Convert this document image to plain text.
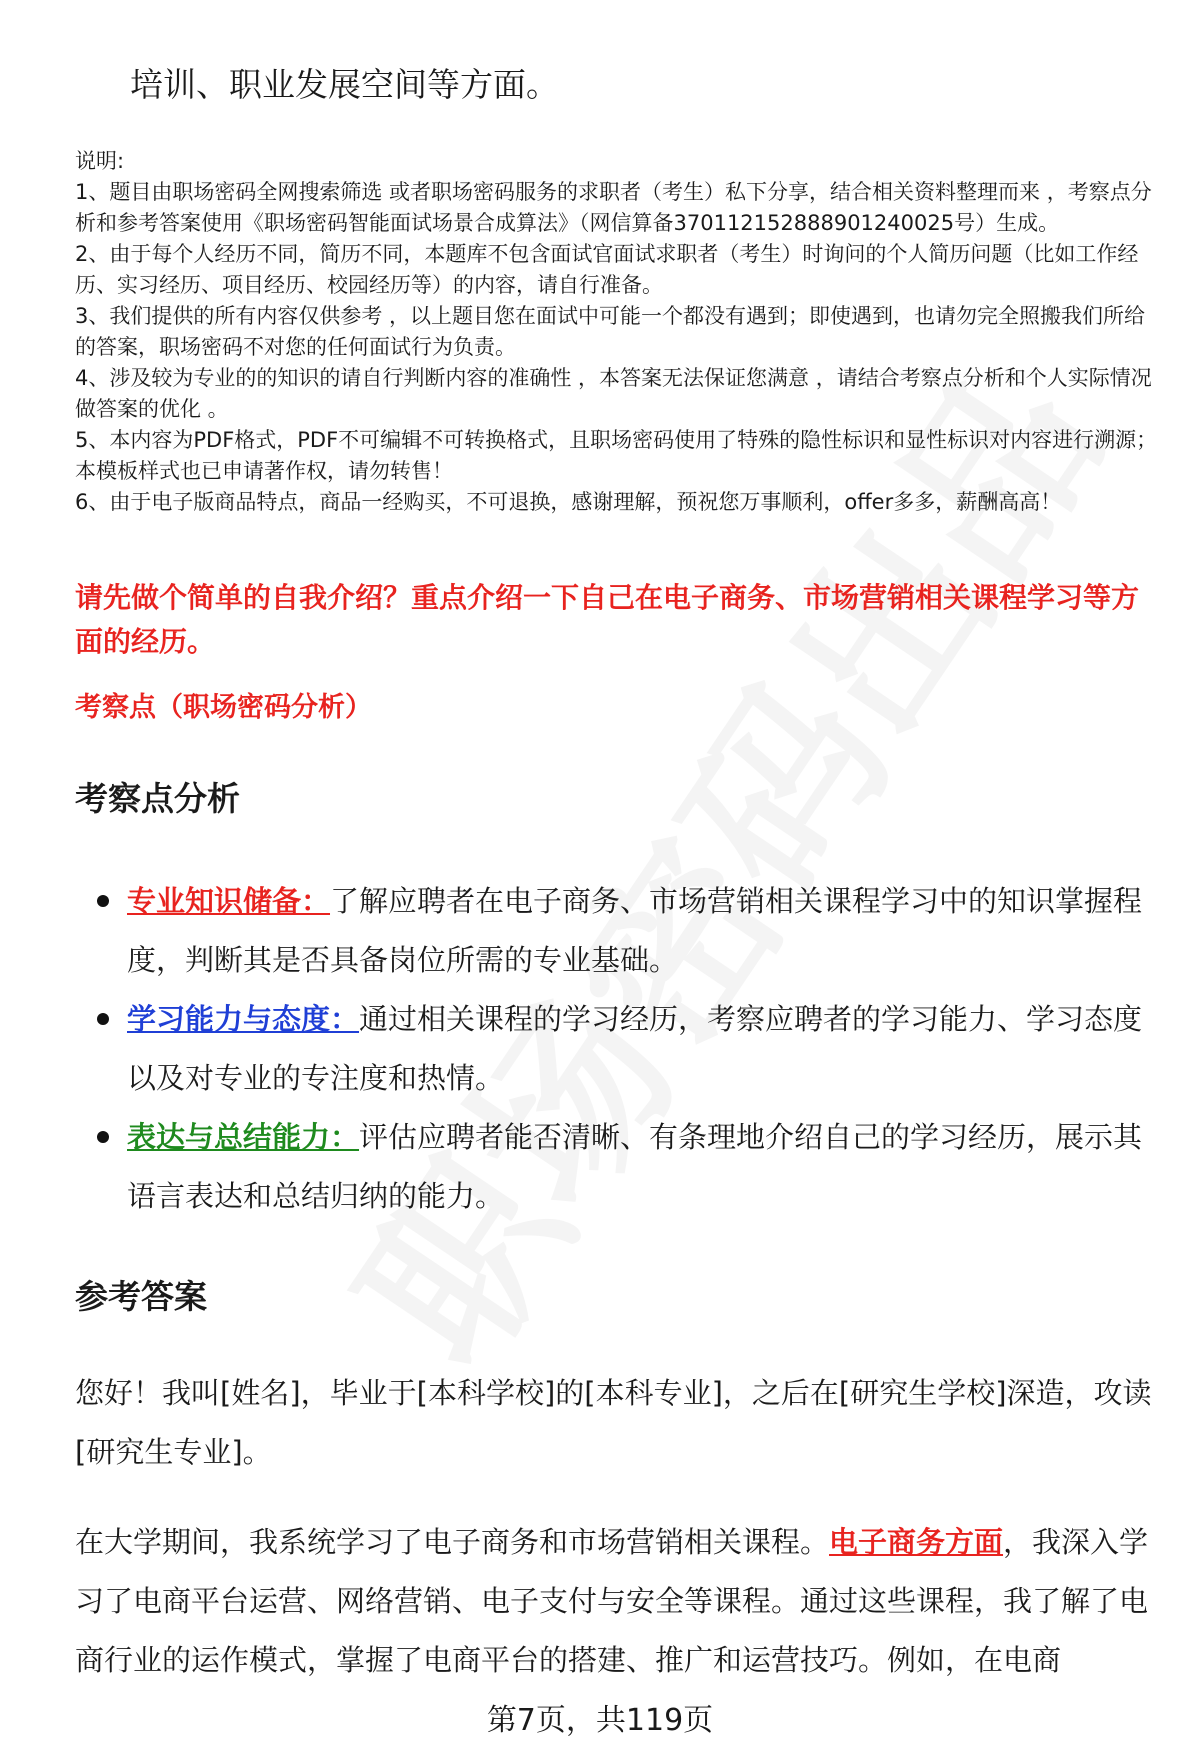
培训、职业发展空间等方面。

说明:

1、题目由职场密码全网搜索筛选 或者职场密码服务的求职者（考生）私下分享，结合相关资料整理而来 ，考察点分析和参考答案使用《职场密码智能面试场景合成算法》（网信算备370112152888901240025号）生成。

2、由于每个人经历不同，简历不同，本题库不包含面试官面试求职者（考生）时询问的个人简历问题（比如工作经历、实习经历、项目经历、校园经历等）的内容，请自行准备。

3、我们提供的所有内容仅供参考 ，以上题目您在面试中可能一个都没有遇到；即使遇到，也请勿完全照搬我们所给的答案，职场密码不对您的任何面试行为负责。

4、涉及较为专业的的知识的请自行判断内容的准确性 ，本答案无法保证您满意 ，请结合考察点分析和个人实际情况做答案的优化 。

5、本内容为PDF格式，PDF不可编辑不可转换格式，且职场密码使用了特殊的隐性标识和显性标识对内容进行溯源；本模板样式也已申请著作权，请勿转售！

6、由于电子版商品特点，商品一经购买，不可退换，感谢理解，预祝您万事顺利，offer多多，薪酬高高！

请先做个简单的自我介绍？重点介绍一下自己在电子商务、市场营销相关课程学习等方面的经历。

考察点（职场密码分析）

考察点分析

专业知识储备：了解应聘者在电子商务、市场营销相关课程学习中的知识掌握程度，判断其是否具备岗位所需的专业基础。
学习能力与态度：通过相关课程的学习经历，考察应聘者的学习能力、学习态度以及对专业的专注度和热情。
表达与总结能力：评估应聘者能否清晰、有条理地介绍自己的学习经历，展示其语言表达和总结归纳的能力。

参考答案

您好！我叫[姓名]，毕业于[本科学校]的[本科专业]，之后在[研究生学校]深造，攻读[研究生专业]。

在大学期间，我系统学习了电子商务和市场营销相关课程。电子商务方面，我深入学习了电商平台运营、网络营销、电子支付与安全等课程。通过这些课程，我了解了电商行业的运作模式，掌握了电商平台的搭建、推广和运营技巧。例如，在电商

第7页，共119页
